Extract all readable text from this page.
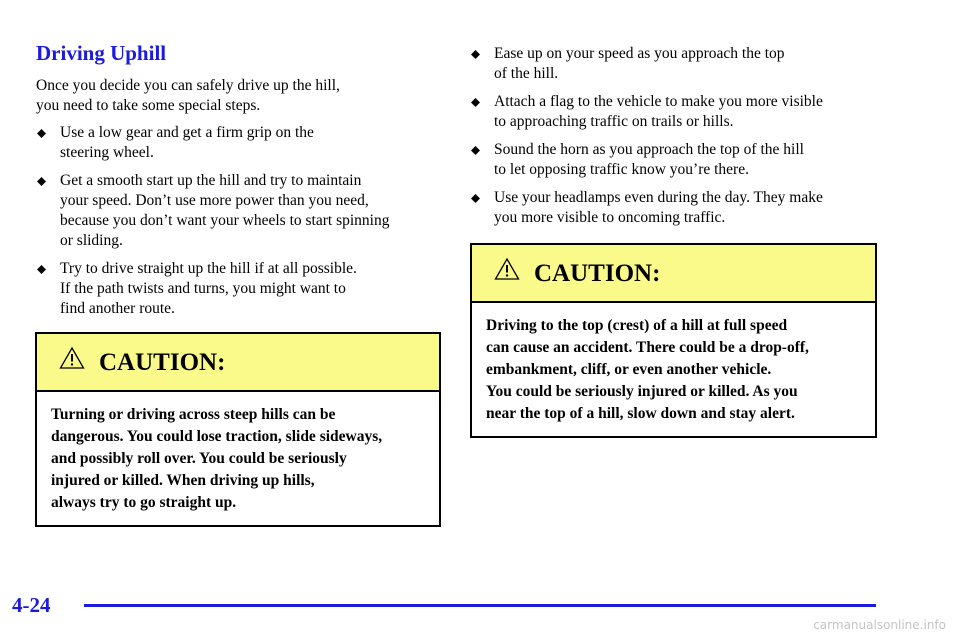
Driving Uphill
Once you decide you can safely drive up the hill,
you need to take some special steps.
Use a low gear and get a firm grip on the
steering wheel.
Get a smooth start up the hill and try to maintain
your speed. Don’t use more power than you need,
because you don’t want your wheels to start spinning
or sliding.
Try to drive straight up the hill if at all possible.
If the path twists and turns, you might want to
find another route.
CAUTION:
Turning or driving across steep hills can be
dangerous. You could lose traction, slide sideways,
and possibly roll over. You could be seriously
injured or killed. When driving up hills,
always try to go straight up.
Ease up on your speed as you approach the top
of the hill.
Attach a flag to the vehicle to make you more visible
to approaching traffic on trails or hills.
Sound the horn as you approach the top of the hill
to let opposing traffic know you’re there.
Use your headlamps even during the day. They make
you more visible to oncoming traffic.
CAUTION:
Driving to the top (crest) of a hill at full speed
can cause an accident. There could be a drop-off,
embankment, cliff, or even another vehicle.
You could be seriously injured or killed. As you
near the top of a hill, slow down and stay alert.
4-24
carmanualsonline.info
